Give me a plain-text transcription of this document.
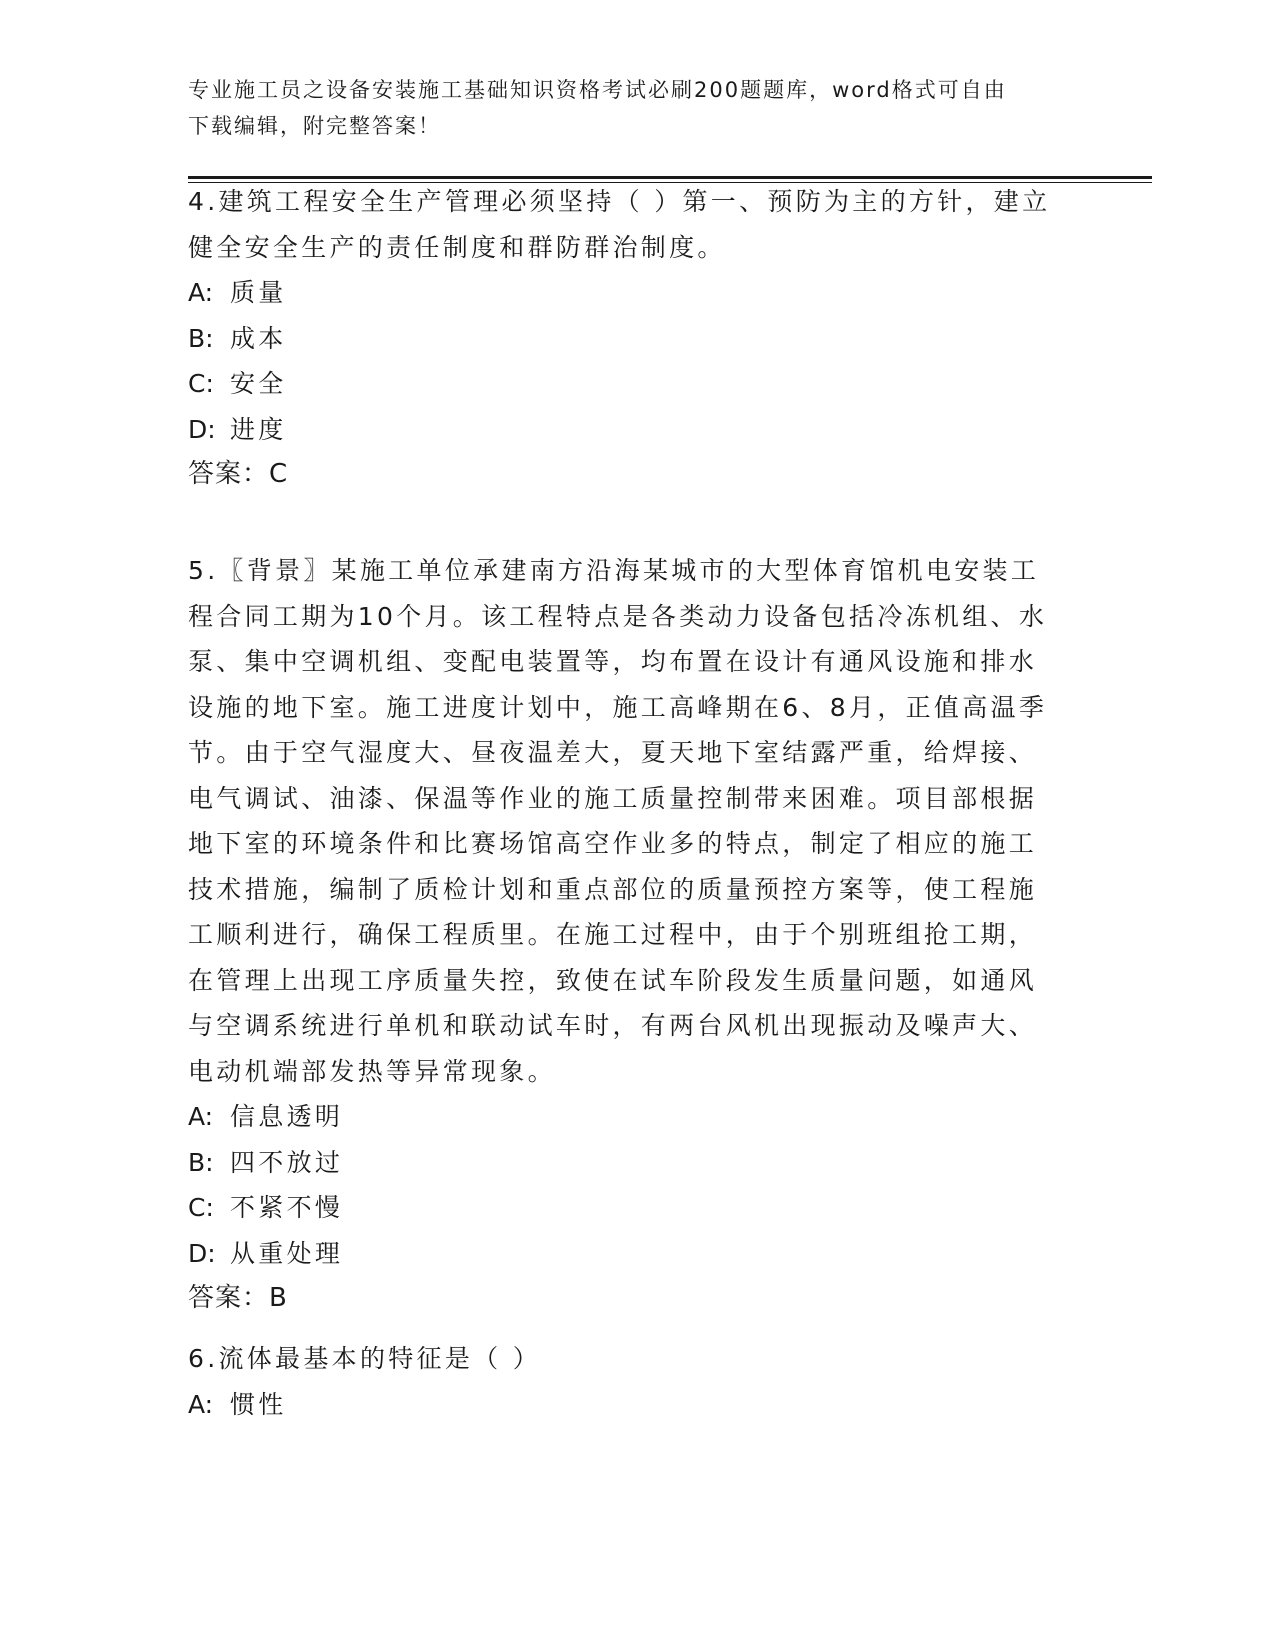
专业施工员之设备安装施工基础知识资格考试必刷200题题库，word格式可自由
下载编辑，附完整答案！

4.建筑工程安全生产管理必须坚持（ ）第一、预防为主的方针，建立

健全安全生产的责任制度和群防群治制度。

A: 质量

B: 成本

C: 安全

D: 进度

答案：C

5.〖背景〗某施工单位承建南方沿海某城市的大型体育馆机电安装工

程合同工期为10个月。该工程特点是各类动力设备包括冷冻机组、水

泵、集中空调机组、变配电装置等，均布置在设计有通风设施和排水

设施的地下室。施工进度计划中，施工高峰期在6、8月，正值高温季

节。由于空气湿度大、昼夜温差大，夏天地下室结露严重，给焊接、

电气调试、油漆、保温等作业的施工质量控制带来困难。项目部根据

地下室的环境条件和比赛场馆高空作业多的特点，制定了相应的施工

技术措施，编制了质检计划和重点部位的质量预控方案等，使工程施

工顺利进行，确保工程质里。在施工过程中，由于个别班组抢工期，

在管理上出现工序质量失控，致使在试车阶段发生质量问题，如通风

与空调系统进行单机和联动试车时，有两台风机出现振动及噪声大、

电动机端部发热等异常现象。

A: 信息透明

B: 四不放过

C: 不紧不慢

D: 从重处理

答案：B

6.流体最基本的特征是（ ）

A: 惯性
